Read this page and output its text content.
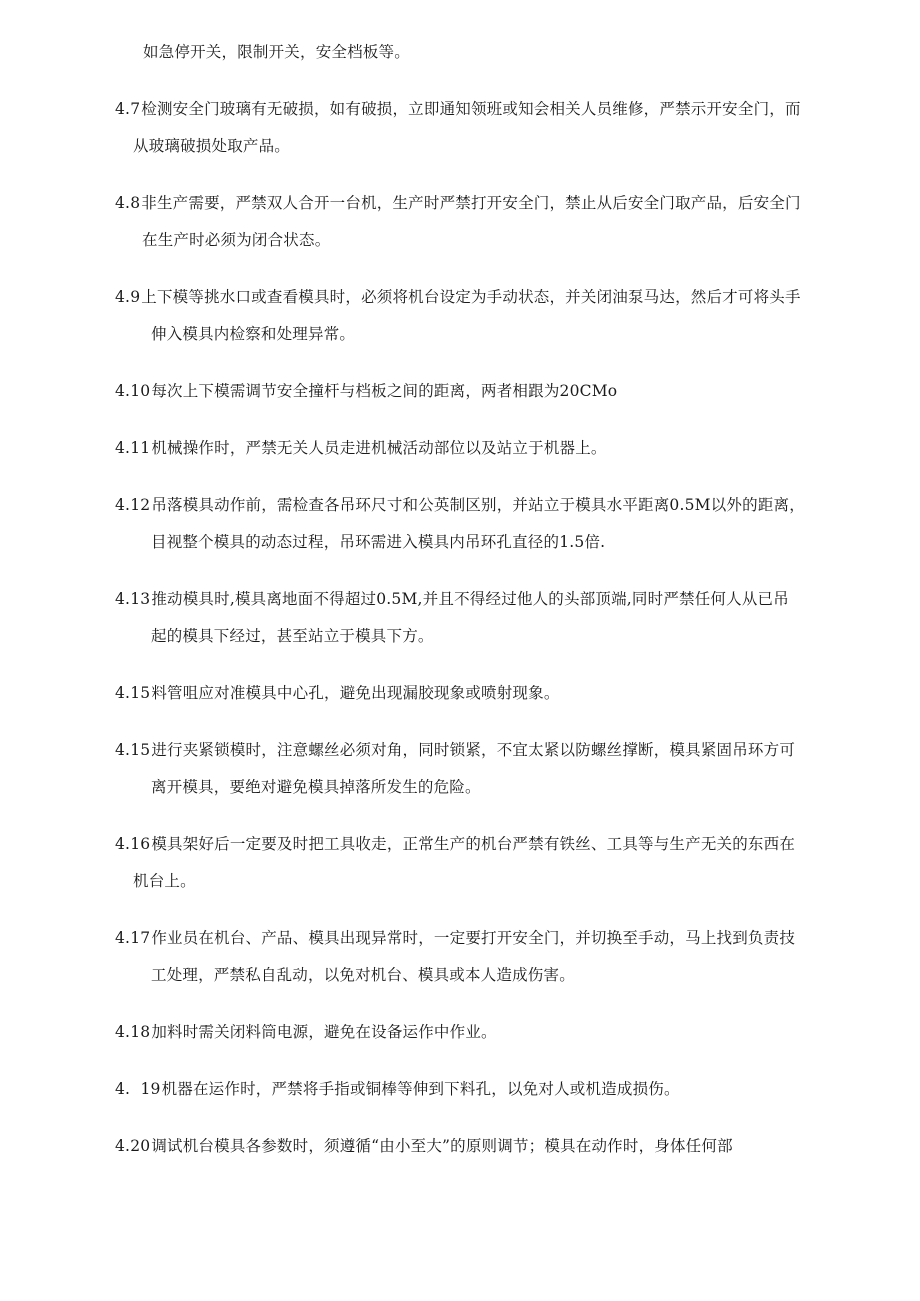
如急停开关，限制开关，安全档板等。
4.7检测安全门玻璃有无破损，如有破损，立即通知领班或知会相关人员维修，严禁示开安全门，而
从玻璃破损处取产品。
4.8非生产需要，严禁双人合开一台机，生产时严禁打开安全门，禁止从后安全门取产品，后安全门
在生产时必须为闭合状态。
4.9上下模等挑水口或查看模具时，必须将机台设定为手动状态，并关闭油泵马达，然后才可将头手
伸入模具内检察和处理异常。
4.10每次上下模需调节安全撞杆与档板之间的距离，两者相跟为20CMo
4.11机械操作时，严禁无关人员走进机械活动部位以及站立于机器上。
4.12吊落模具动作前，需检查各吊环尺寸和公英制区别，并站立于模具水平距离0.5M以外的距离，
目视整个模具的动态过程，吊环需进入模具内吊环孔直径的1.5倍.
4.13推动模具时,模具离地面不得超过0.5M,并且不得经过他人的头部顶端,同时严禁任何人从已吊
起的模具下经过，甚至站立于模具下方。
4.15料管咀应对准模具中心孔，避免出现漏胶现象或喷射现象。
4.15进行夹紧锁模时，注意螺丝必须对角，同时锁紧，不宜太紧以防螺丝撑断，模具紧固吊环方可
离开模具，要绝对避免模具掉落所发生的危险。
4.16模具架好后一定要及时把工具收走，正常生产的机台严禁有铁丝、工具等与生产无关的东西在
机台上。
4.17作业员在机台、产品、模具出现异常时，一定要打开安全门，并切换至手动，马上找到负责技
工处理，严禁私自乱动，以免对机台、模具或本人造成伤害。
4.18加料时需关闭料筒电源，避免在设备运作中作业。
4.  19机器在运作时，严禁将手指或铜棒等伸到下料孔，以免对人或机造成损伤。
4.20调试机台模具各参数时，须遵循“由小至大”的原则调节；模具在动作时，身体任何部
